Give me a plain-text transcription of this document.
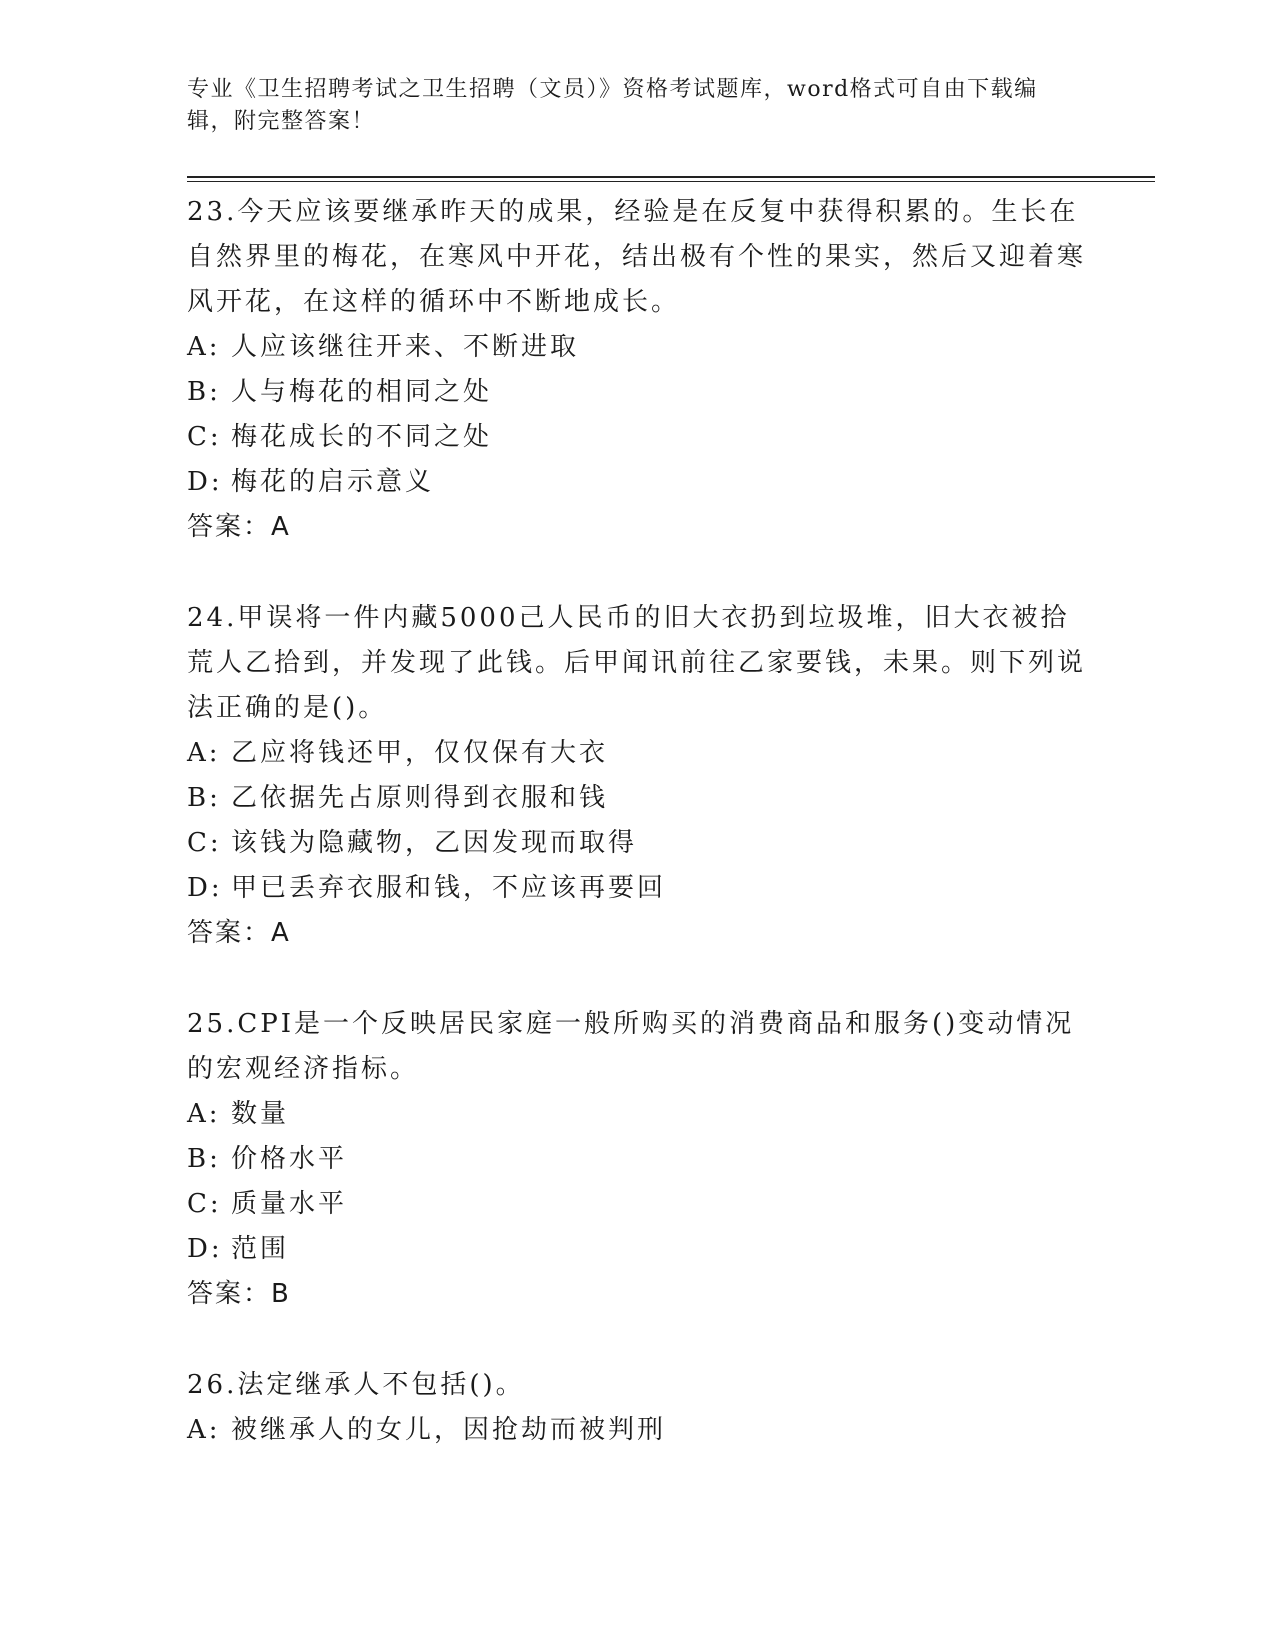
专业《卫生招聘考试之卫生招聘（文员）》资格考试题库，word格式可自由下载编辑，附完整答案！
23.今天应该要继承昨天的成果，经验是在反复中获得积累的。生长在自然界里的梅花，在寒风中开花，结出极有个性的果实，然后又迎着寒风开花，在这样的循环中不断地成长。
A: 人应该继往开来、不断进取
B: 人与梅花的相同之处
C: 梅花成长的不同之处
D: 梅花的启示意义
答案：A
24.甲误将一件内藏5000己人民币的旧大衣扔到垃圾堆，旧大衣被拾荒人乙拾到，并发现了此钱。后甲闻讯前往乙家要钱，未果。则下列说法正确的是()。
A: 乙应将钱还甲，仅仅保有大衣
B: 乙依据先占原则得到衣服和钱
C: 该钱为隐藏物，乙因发现而取得
D: 甲已丢弃衣服和钱，不应该再要回
答案：A
25.CPI是一个反映居民家庭一般所购买的消费商品和服务()变动情况的宏观经济指标。
A: 数量
B: 价格水平
C: 质量水平
D: 范围
答案：B
26.法定继承人不包括()。
A: 被继承人的女儿，因抢劫而被判刑
